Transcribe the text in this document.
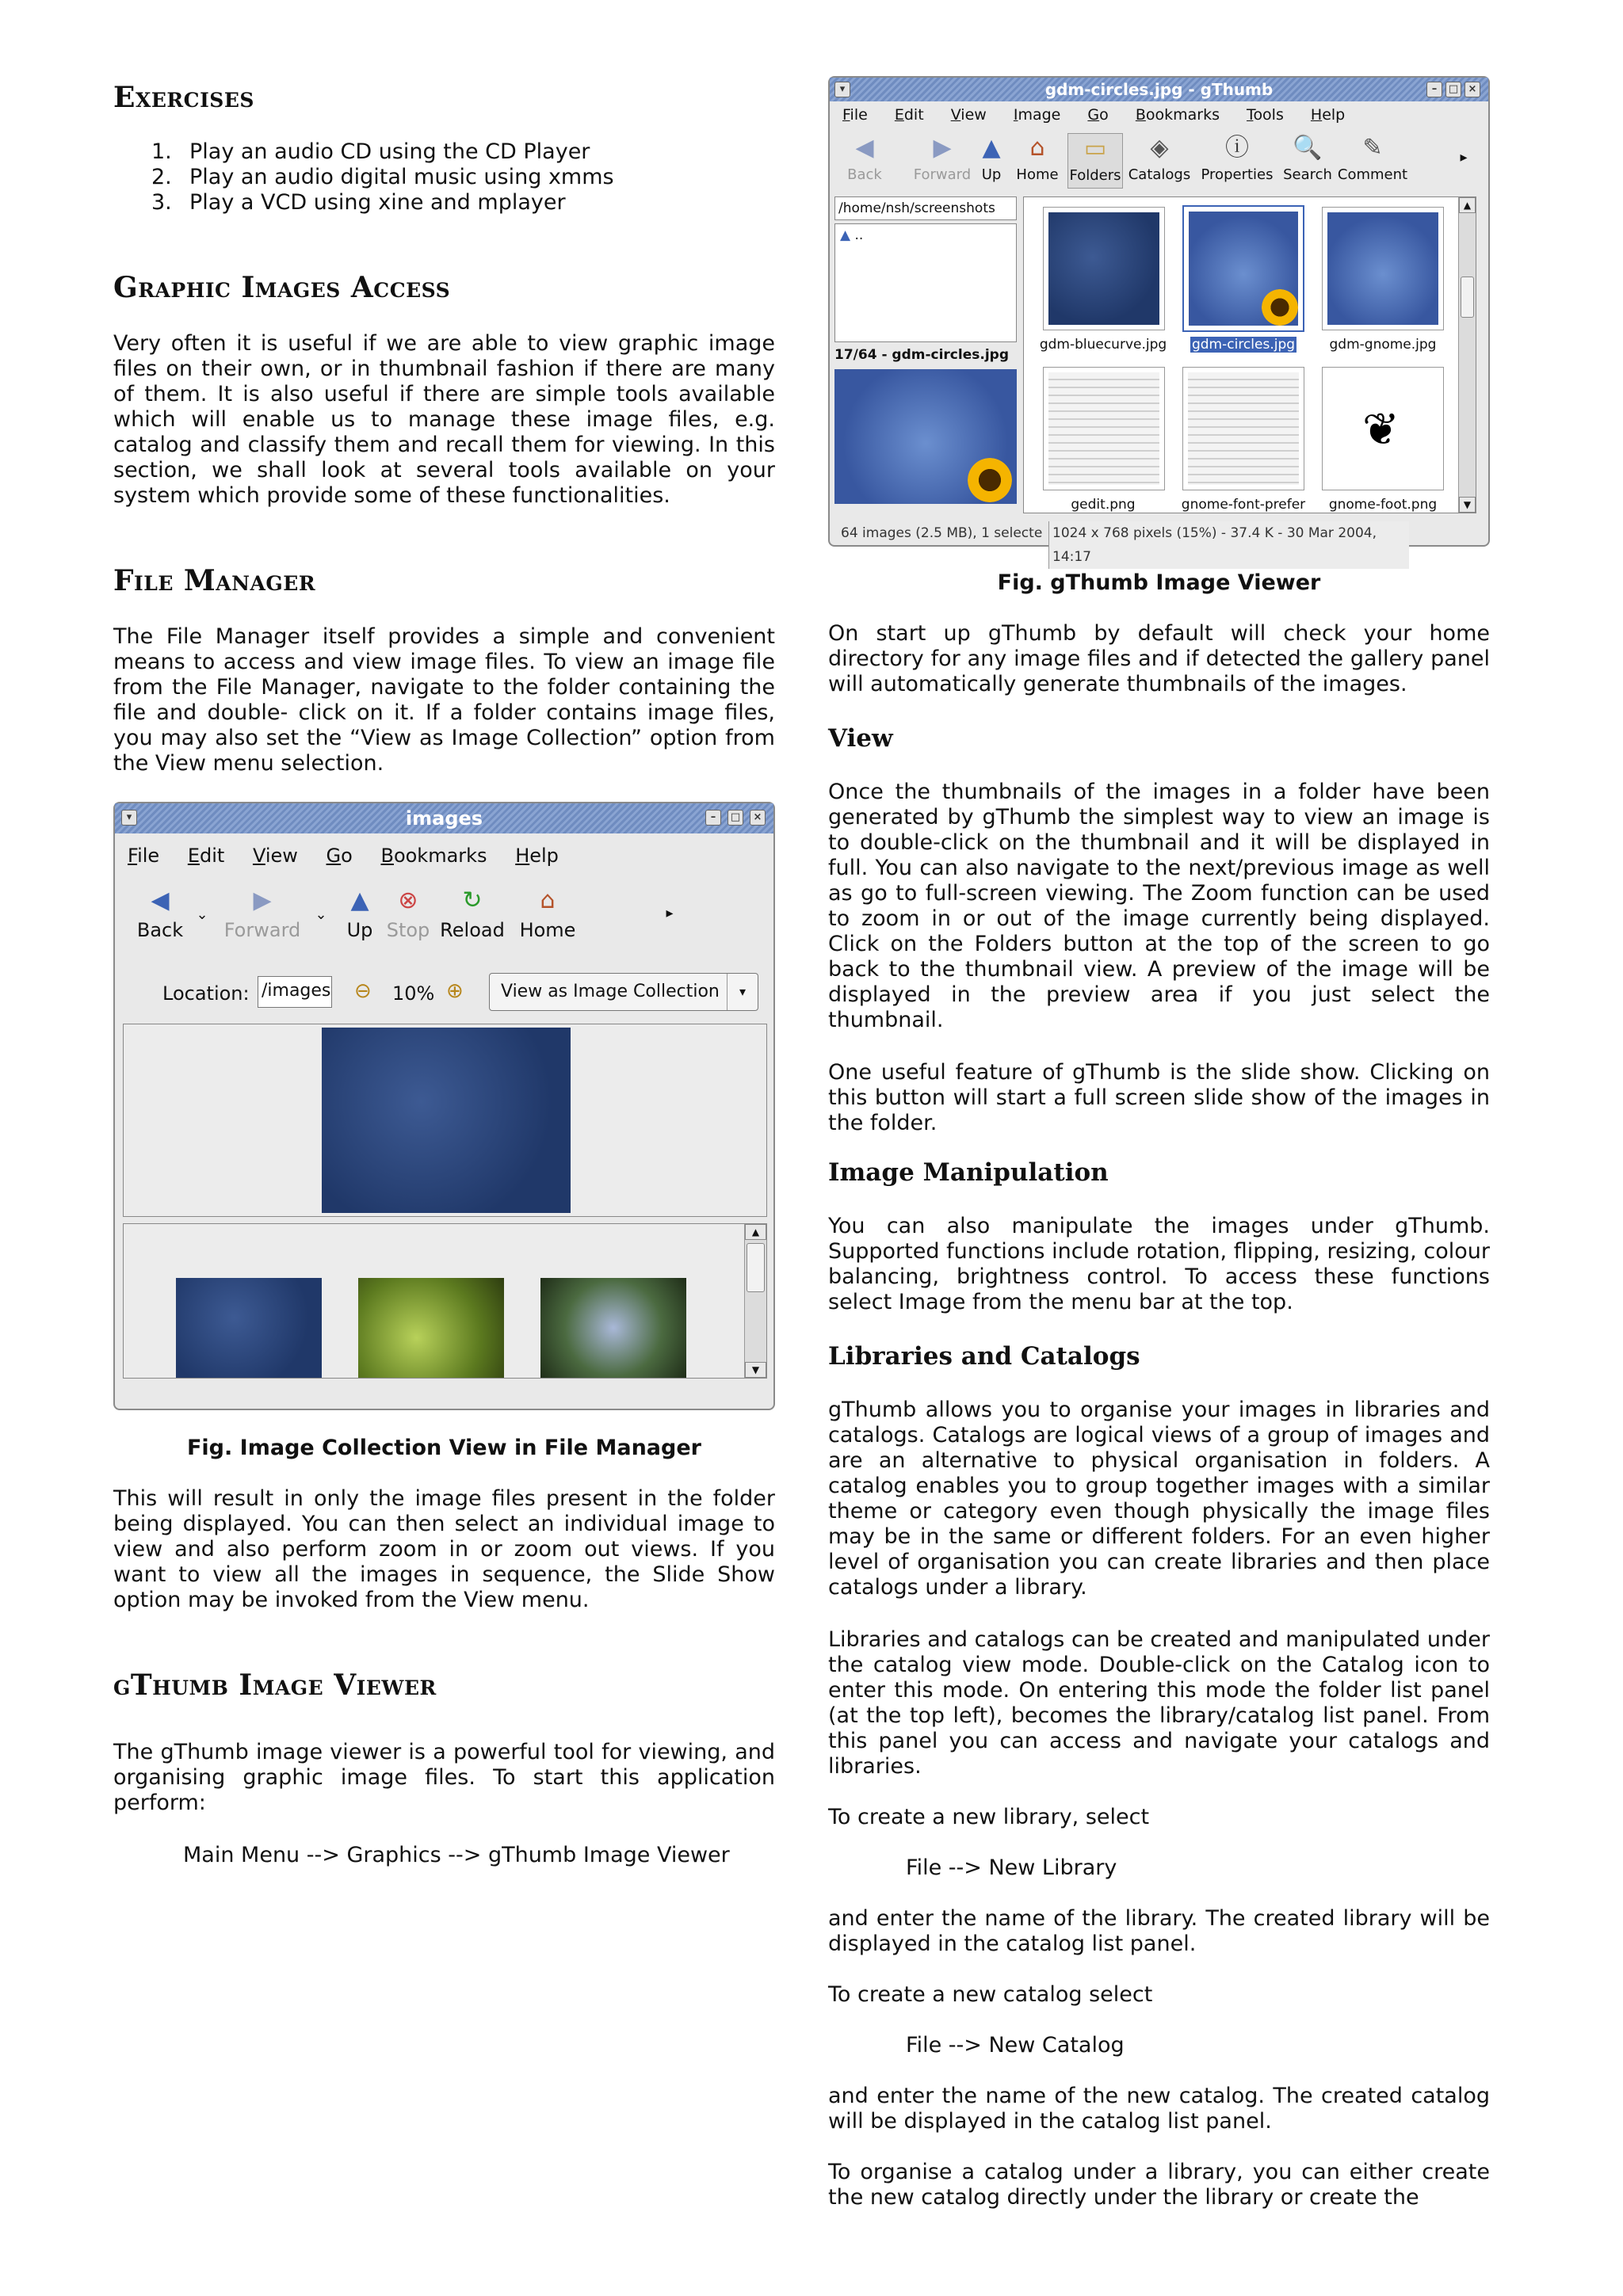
Exercises
1. Play an audio CD using the CD Player
2. Play an audio digital music using xmms
3. Play a VCD using xine and mplayer
Graphic Images Access

Very often it is useful if we are able to view graphic image files on their own, or in thumbnail fashion if there are many of them. It is also useful if there are simple tools available which will enable us to manage these image files, e.g. catalog and classify them and recall them for viewing. In this section, we shall look at several tools available on your system which provide some of these functionalities.

File Manager

The File Manager itself provides a simple and convenient means to access and view image files. To view an image file from the File Manager, navigate to the folder containing the file and double- click on it. If a folder contains image files, you may also set the “View as Image Collection” option from the View menu selection.

▾	images	–	□	×
File Edit View Go Bookmarks Help
◀
Back
⌄
▶
Forward
⌄
▲
Up
⊗
Stop
↻
Reload
⌂
Home
▸
Location: /images ⊖ 10% ⊕	View as Image Collection	▾
▲
▼

Fig. Image Collection View in File Manager

This will result in only the image files present in the folder being displayed. You can then select an individual image to view and also perform zoom in or zoom out views. If you want to view all the images in sequence, the Slide Show option may be invoked from the View menu.

gThumb Image Viewer

The gThumb image viewer is a powerful tool for viewing, and organising graphic image files. To start this application perform:

Main Menu --> Graphics --> gThumb Image Viewer

▾	gdm-circles.jpg - gThumb	–	□ ×
File Edit View Image Go Bookmarks Tools Help
◀
Back
▶
Forward
▲
Up
⌂
Home
▭
Folders
◈
Catalogs
ⓘ
Properties
🔍
Search
✎
Comment
▸
/home/nsh/screenshots
▲ ..
17/64 - gdm-circles.jpg
gdm-bluecurve.jpg	gdm-circles.jpg	gdm-gnome.jpg
gedit.png	gnome-font-prefer
❦
gnome-foot.png
▲
▼
64 images (2.5 MB), 1 selecte 1024 x 768 pixels (15%) - 37.4 K - 30 Mar 2004, 14:17

Fig. gThumb Image Viewer

On start up gThumb by default will check your home directory for any image files and if detected the gallery panel will automatically generate thumbnails of the images.

View

Once the thumbnails of the images in a folder have been generated by gThumb the simplest way to view an image is to double-click on the thumbnail and it will be displayed in full. You can also navigate to the next/previous image as well as go to full-screen viewing. The Zoom function can be used to zoom in or out of the image currently being displayed. Click on the Folders button at the top of the screen to go back to the thumbnail view. A preview of the image will be displayed in the preview area if you just select the thumbnail.

One useful feature of gThumb is the slide show. Clicking on this button will start a full screen slide show of the images in the folder.

Image Manipulation

You can also manipulate the images under gThumb. Supported functions include rotation, flipping, resizing, colour balancing, brightness control. To access these functions select Image from the menu bar at the top.

Libraries and Catalogs

gThumb allows you to organise your images in libraries and catalogs. Catalogs are logical views of a group of images and are an alternative to physical organisation in folders. A catalog enables you to group together images with a similar theme or category even though physically the image files may be in the same or different folders. For an even higher level of organisation you can create libraries and then place catalogs under a library.

Libraries and catalogs can be created and manipulated under the catalog view mode. Double-click on the Catalog icon to enter this mode. On entering this mode the folder list panel (at the top left), becomes the library/catalog list panel. From this panel you can access and navigate your catalogs and libraries.

To create a new library, select

File --> New Library

and enter the name of the library. The created library will be displayed in the catalog list panel.

To create a new catalog select

File --> New Catalog

and enter the name of the new catalog. The created catalog will be displayed in the catalog list panel.

To organise a catalog under a library, you can either create the new catalog directly under the library or create the
